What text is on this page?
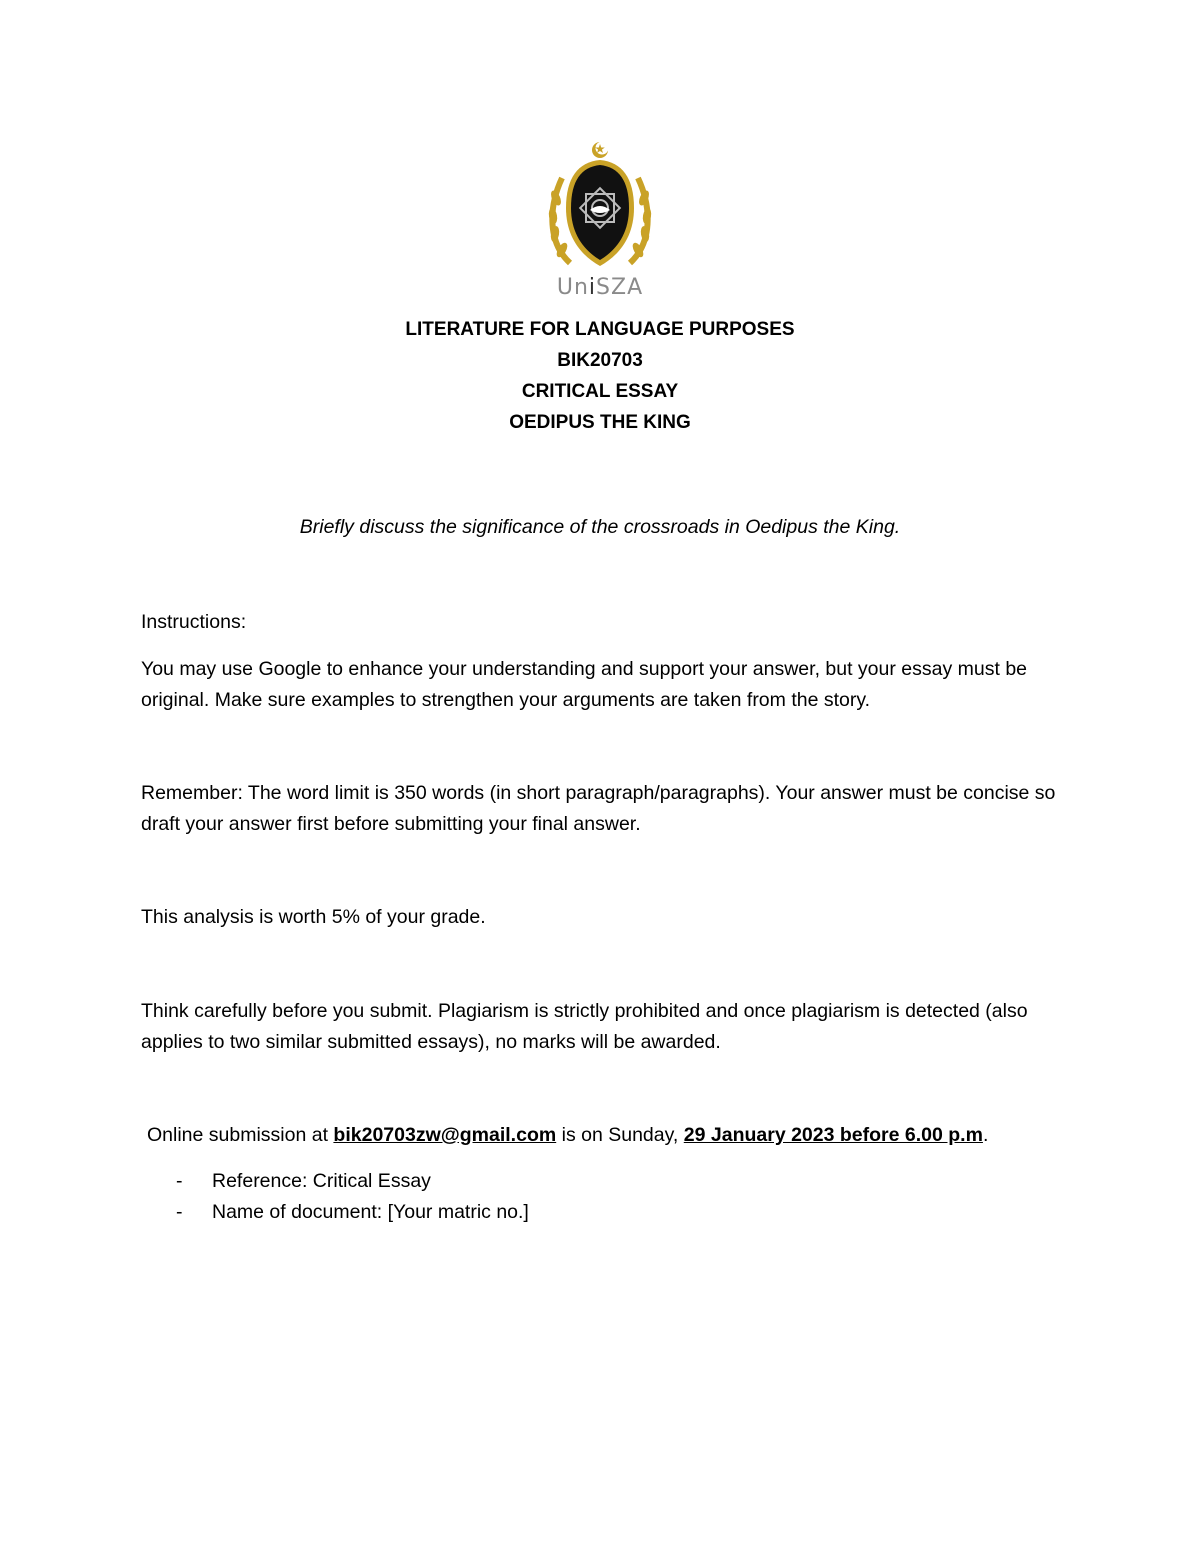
UniSZA
LITERATURE FOR LANGUAGE PURPOSES
BIK20703
CRITICAL ESSAY
OEDIPUS THE KING
Briefly discuss the significance of the crossroads in Oedipus the King.
Instructions:
You may use Google to enhance your understanding and support your answer, but your essay must be original. Make sure examples to strengthen your arguments are taken from the story.
Remember: The word limit is 350 words (in short paragraph/paragraphs). Your answer must be concise so draft your answer first before submitting your final answer.
This analysis is worth 5% of your grade.
Think carefully before you submit. Plagiarism is strictly prohibited and once plagiarism is detected (also applies to two similar submitted essays), no marks will be awarded.
Online submission at bik20703zw@gmail.com is on Sunday, 29 January 2023 before 6.00 p.m.
-	Reference: Critical Essay
-	Name of document: [Your matric no.]
